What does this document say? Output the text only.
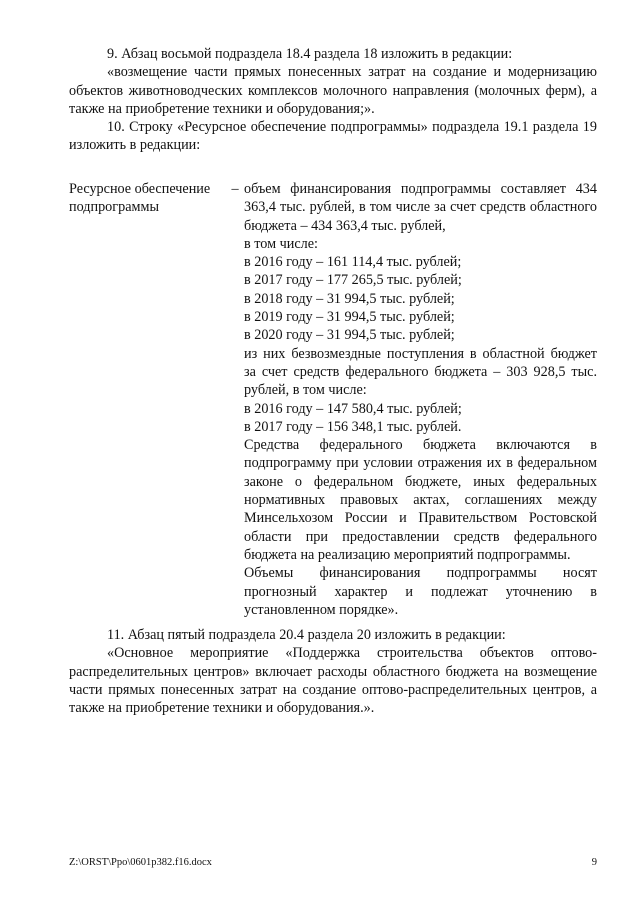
9. Абзац восьмой подраздела 18.4 раздела 18 изложить в редакции:

«возмещение части прямых понесенных затрат на создание и модернизацию объектов животноводческих комплексов молочного направления (молочных ферм), а также на приобретение техники и оборудования;».

10. Строку «Ресурсное обеспечение подпрограммы» подраздела 19.1 раздела 19 изложить в редакции:

Ресурсное обеспечение подпрограммы
– объем финансирования подпрограммы составляет 434 363,4 тыс. рублей, в том числе за счет средств областного бюджета – 434 363,4 тыс. рублей,

в том числе:

в 2016 году – 161 114,4 тыс. рублей;

в 2017 году – 177 265,5 тыс. рублей;

в 2018 году – 31 994,5 тыс. рублей;

в 2019 году – 31 994,5 тыс. рублей;

в 2020 году – 31 994,5 тыс. рублей;

из них безвозмездные поступления в областной бюджет за счет средств федерального бюджета – 303 928,5 тыс. рублей, в том числе:

в 2016 году – 147 580,4 тыс. рублей;

в 2017 году – 156 348,1 тыс. рублей.

Средства федерального бюджета включаются в подпрограмму при условии отражения их в федеральном законе о федеральном бюджете, иных федеральных нормативных правовых актах, соглашениях между Минсельхозом России и Правительством Ростовской области при предоставлении средств федерального бюджета на реализацию мероприятий подпрограммы.

Объемы финансирования подпрограммы носят прогнозный характер и подлежат уточнению в установленном порядке».

11. Абзац пятый подраздела 20.4 раздела 20 изложить в редакции:

«Основное мероприятие «Поддержка строительства объектов оптово-распределительных центров» включает расходы областного бюджета на возмещение части прямых понесенных затрат на создание оптово-распределительных центров, а также на приобретение техники и оборудования.».

Z:\ORST\Ppo\0601p382.f16.docx	9
